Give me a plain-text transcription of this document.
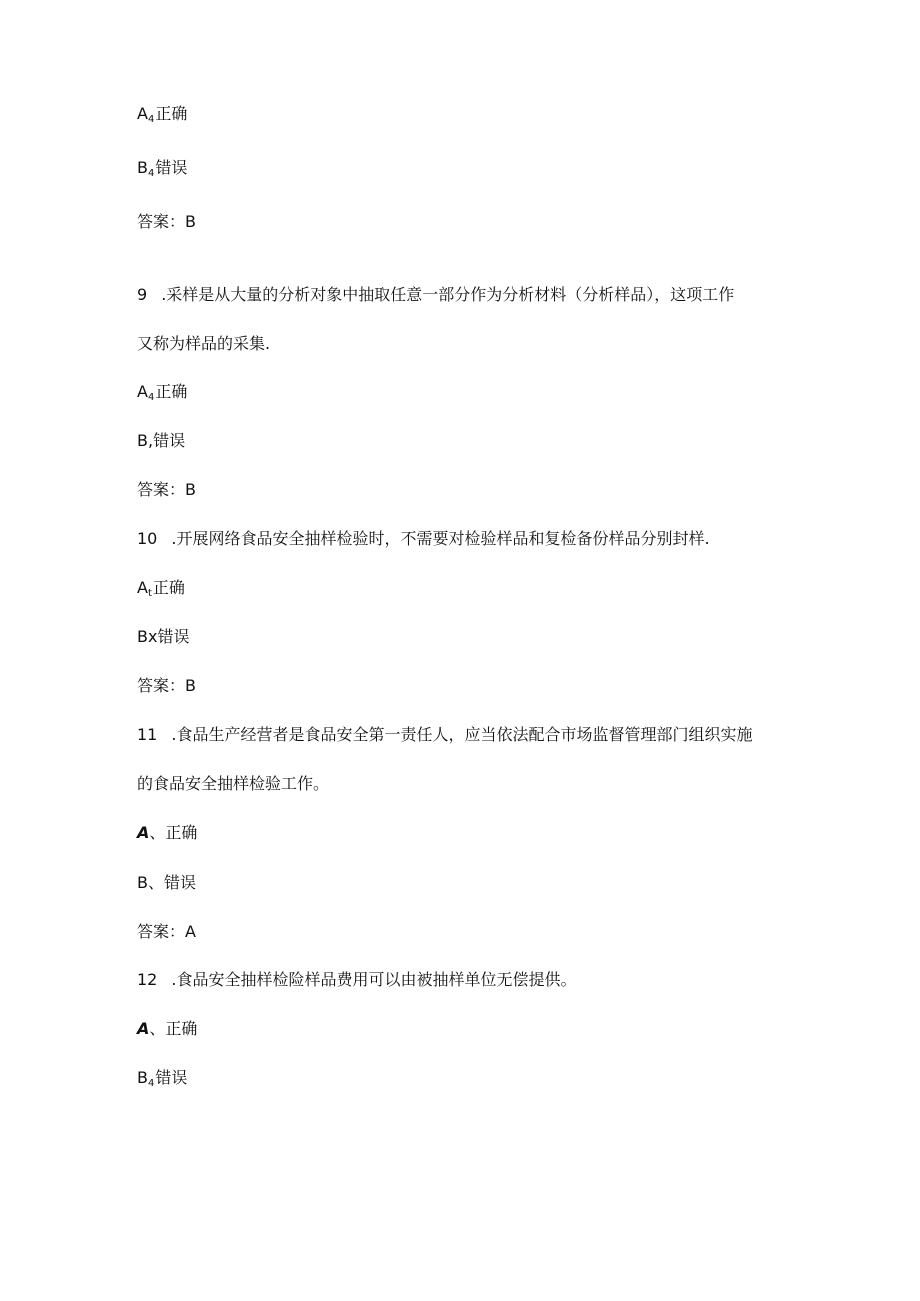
$A_4$正确
$B_4$错误
答案：B
9 .采样是从大量的分析对象中抽取任意一部分作为分析材料（分析样品），这项工作
又称为样品的采集.
$A_4$正确
B,错误
答案：B
10 .开展网络食品安全抽样检验时，不需要对检验样品和复检备份样品分别封样.
$A_t$正确
Bx错误
答案：B
11 .食品生产经营者是食品安全第一责任人，应当依法配合市场监督管理部门组织实施
的食品安全抽样检验工作。
A、正确
B、错误
答案：A
12 .食品安全抽样检险样品费用可以由被抽样单位无偿提供。
A、正确
$B_4$错误
